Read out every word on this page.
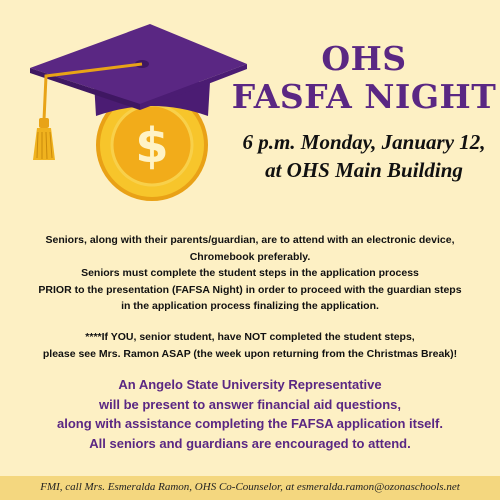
$
OHS
FASFA NIGHT
6 p.m. Monday, January 12,
at OHS Main Building
Seniors, along with their parents/guardian, are to attend with an electronic device,
Chromebook preferably.
Seniors must complete the student steps in the application process
PRIOR to the presentation (FAFSA Night) in order to proceed with the guardian steps
in the application process finalizing the application.
****If YOU, senior student, have NOT completed the student steps,
please see Mrs. Ramon ASAP (the week upon returning from the Christmas Break)!
An Angelo State University Representative
will be present to answer financial aid questions,
along with assistance completing the FAFSA application itself.
All seniors and guardians are encouraged to attend.
FMI, call Mrs. Esmeralda Ramon, OHS Co-Counselor, at esmeralda.ramon@ozonaschools.net
